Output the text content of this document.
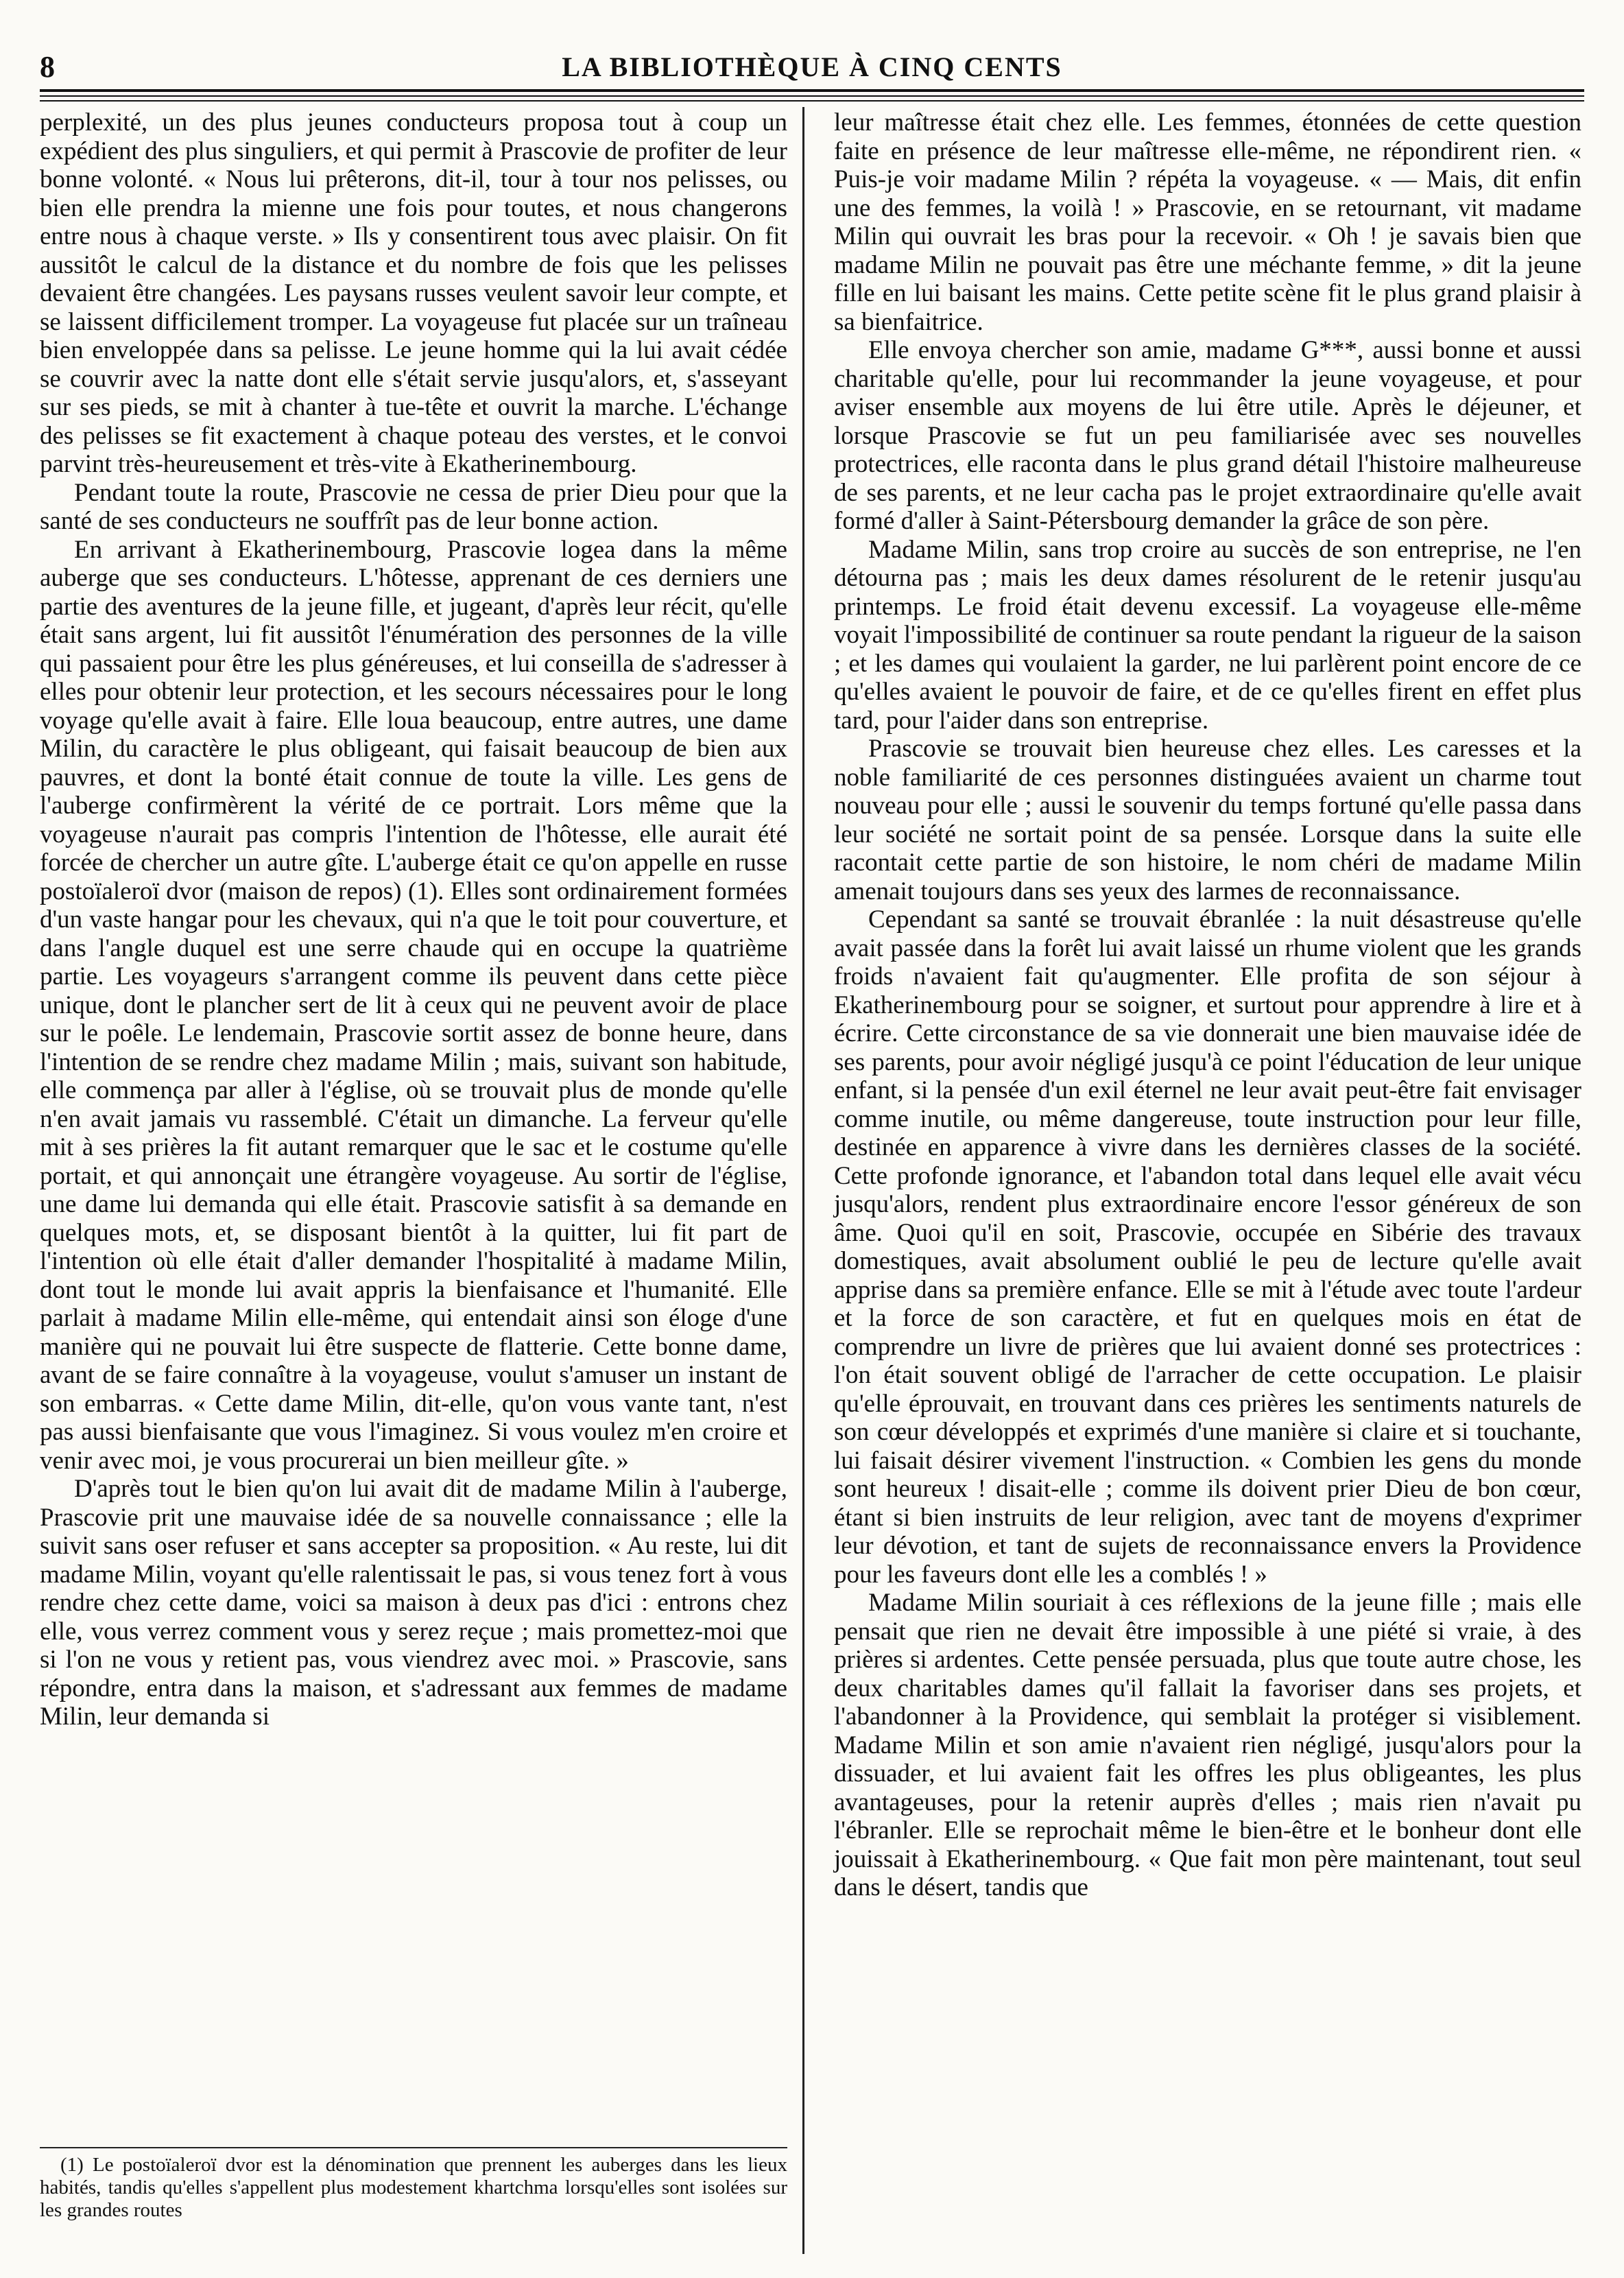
8	LA BIBLIOTHÈQUE À CINQ CENTS

perplexité, un des plus jeunes conducteurs proposa tout à coup un expédient des plus singuliers, et qui permit à Prascovie de profiter de leur bonne volonté. « Nous lui prêterons, dit-il, tour à tour nos pelisses, ou bien elle prendra la mienne une fois pour toutes, et nous changerons entre nous à chaque verste. » Ils y consentirent tous avec plaisir. On fit aussitôt le calcul de la distance et du nombre de fois que les pelisses devaient être changées. Les paysans russes veulent savoir leur compte, et se laissent difficilement tromper. La voyageuse fut placée sur un traîneau bien enveloppée dans sa pelisse. Le jeune homme qui la lui avait cédée se couvrir avec la natte dont elle s'était servie jusqu'alors, et, s'asseyant sur ses pieds, se mit à chanter à tue-tête et ouvrit la marche. L'échange des pelisses se fit exactement à chaque poteau des verstes, et le convoi parvint très-heureusement et très-vite à Ekatherinembourg.

Pendant toute la route, Prascovie ne cessa de prier Dieu pour que la santé de ses conducteurs ne souffrît pas de leur bonne action.

En arrivant à Ekatherinembourg, Prascovie logea dans la même auberge que ses conducteurs. L'hôtesse, apprenant de ces derniers une partie des aventures de la jeune fille, et jugeant, d'après leur récit, qu'elle était sans argent, lui fit aussitôt l'énumération des personnes de la ville qui passaient pour être les plus généreuses, et lui conseilla de s'adresser à elles pour obtenir leur protection, et les secours nécessaires pour le long voyage qu'elle avait à faire. Elle loua beaucoup, entre autres, une dame Milin, du caractère le plus obligeant, qui faisait beaucoup de bien aux pauvres, et dont la bonté était connue de toute la ville. Les gens de l'auberge confirmèrent la vérité de ce portrait. Lors même que la voyageuse n'aurait pas compris l'intention de l'hôtesse, elle aurait été forcée de chercher un autre gîte. L'auberge était ce qu'on appelle en russe postoïaleroï dvor (maison de repos) (1). Elles sont ordinairement formées d'un vaste hangar pour les chevaux, qui n'a que le toit pour couverture, et dans l'angle duquel est une serre chaude qui en occupe la quatrième partie. Les voyageurs s'arrangent comme ils peuvent dans cette pièce unique, dont le plancher sert de lit à ceux qui ne peuvent avoir de place sur le poêle. Le lendemain, Prascovie sortit assez de bonne heure, dans l'intention de se rendre chez madame Milin ; mais, suivant son habitude, elle commença par aller à l'église, où se trouvait plus de monde qu'elle n'en avait jamais vu rassemblé. C'était un dimanche. La ferveur qu'elle mit à ses prières la fit autant remarquer que le sac et le costume qu'elle portait, et qui annonçait une étrangère voyageuse. Au sortir de l'église, une dame lui demanda qui elle était. Prascovie satisfit à sa demande en quelques mots, et, se disposant bientôt à la quitter, lui fit part de l'intention où elle était d'aller demander l'hospitalité à madame Milin, dont tout le monde lui avait appris la bienfaisance et l'humanité. Elle parlait à madame Milin elle-même, qui entendait ainsi son éloge d'une manière qui ne pouvait lui être suspecte de flatterie. Cette bonne dame, avant de se faire connaître à la voyageuse, voulut s'amuser un instant de son embarras. « Cette dame Milin, dit-elle, qu'on vous vante tant, n'est pas aussi bienfaisante que vous l'imaginez. Si vous voulez m'en croire et venir avec moi, je vous procurerai un bien meilleur gîte. »

D'après tout le bien qu'on lui avait dit de madame Milin à l'auberge, Prascovie prit une mauvaise idée de sa nouvelle connaissance ; elle la suivit sans oser refuser et sans accepter sa proposition. « Au reste, lui dit madame Milin, voyant qu'elle ralentissait le pas, si vous tenez fort à vous rendre chez cette dame, voici sa maison à deux pas d'ici : entrons chez elle, vous verrez comment vous y serez reçue ; mais promettez-moi que si l'on ne vous y retient pas, vous viendrez avec moi. » Prascovie, sans répondre, entra dans la maison, et s'adressant aux femmes de madame Milin, leur demanda si

leur maîtresse était chez elle. Les femmes, étonnées de cette question faite en présence de leur maîtresse elle-même, ne répondirent rien. « Puis-je voir madame Milin ? répéta la voyageuse. « — Mais, dit enfin une des femmes, la voilà ! » Prascovie, en se retournant, vit madame Milin qui ouvrait les bras pour la recevoir. « Oh ! je savais bien que madame Milin ne pouvait pas être une méchante femme, » dit la jeune fille en lui baisant les mains. Cette petite scène fit le plus grand plaisir à sa bienfaitrice.

Elle envoya chercher son amie, madame G***, aussi bonne et aussi charitable qu'elle, pour lui recommander la jeune voyageuse, et pour aviser ensemble aux moyens de lui être utile. Après le déjeuner, et lorsque Prascovie se fut un peu familiarisée avec ses nouvelles protectrices, elle raconta dans le plus grand détail l'histoire malheureuse de ses parents, et ne leur cacha pas le projet extraordinaire qu'elle avait formé d'aller à Saint-Pétersbourg demander la grâce de son père.

Madame Milin, sans trop croire au succès de son entreprise, ne l'en détourna pas ; mais les deux dames résolurent de le retenir jusqu'au printemps. Le froid était devenu excessif. La voyageuse elle-même voyait l'impossibilité de continuer sa route pendant la rigueur de la saison ; et les dames qui voulaient la garder, ne lui parlèrent point encore de ce qu'elles avaient le pouvoir de faire, et de ce qu'elles firent en effet plus tard, pour l'aider dans son entreprise.

Prascovie se trouvait bien heureuse chez elles. Les caresses et la noble familiarité de ces personnes distinguées avaient un charme tout nouveau pour elle ; aussi le souvenir du temps fortuné qu'elle passa dans leur société ne sortait point de sa pensée. Lorsque dans la suite elle racontait cette partie de son histoire, le nom chéri de madame Milin amenait toujours dans ses yeux des larmes de reconnaissance.

Cependant sa santé se trouvait ébranlée : la nuit désastreuse qu'elle avait passée dans la forêt lui avait laissé un rhume violent que les grands froids n'avaient fait qu'augmenter. Elle profita de son séjour à Ekatherinembourg pour se soigner, et surtout pour apprendre à lire et à écrire. Cette circonstance de sa vie donnerait une bien mauvaise idée de ses parents, pour avoir négligé jusqu'à ce point l'éducation de leur unique enfant, si la pensée d'un exil éternel ne leur avait peut-être fait envisager comme inutile, ou même dangereuse, toute instruction pour leur fille, destinée en apparence à vivre dans les dernières classes de la société. Cette profonde ignorance, et l'abandon total dans lequel elle avait vécu jusqu'alors, rendent plus extraordinaire encore l'essor généreux de son âme. Quoi qu'il en soit, Prascovie, occupée en Sibérie des travaux domestiques, avait absolument oublié le peu de lecture qu'elle avait apprise dans sa première enfance. Elle se mit à l'étude avec toute l'ardeur et la force de son caractère, et fut en quelques mois en état de comprendre un livre de prières que lui avaient donné ses protectrices : l'on était souvent obligé de l'arracher de cette occupation. Le plaisir qu'elle éprouvait, en trouvant dans ces prières les sentiments naturels de son cœur développés et exprimés d'une manière si claire et si touchante, lui faisait désirer vivement l'instruction. « Combien les gens du monde sont heureux ! disait-elle ; comme ils doivent prier Dieu de bon cœur, étant si bien instruits de leur religion, avec tant de moyens d'exprimer leur dévotion, et tant de sujets de reconnaissance envers la Providence pour les faveurs dont elle les a comblés ! »

Madame Milin souriait à ces réflexions de la jeune fille ; mais elle pensait que rien ne devait être impossible à une piété si vraie, à des prières si ardentes. Cette pensée persuada, plus que toute autre chose, les deux charitables dames qu'il fallait la favoriser dans ses projets, et l'abandonner à la Providence, qui semblait la protéger si visiblement. Madame Milin et son amie n'avaient rien négligé, jusqu'alors pour la dissuader, et lui avaient fait les offres les plus obligeantes, les plus avantageuses, pour la retenir auprès d'elles ; mais rien n'avait pu l'ébranler. Elle se reprochait même le bien-être et le bonheur dont elle jouissait à Ekatherinembourg. « Que fait mon père maintenant, tout seul dans le désert, tandis que

(1) Le postoïaleroï dvor est la dénomination que prennent les auberges dans les lieux habités, tandis qu'elles s'appellent plus modestement khartchma lorsqu'elles sont isolées sur les grandes routes
